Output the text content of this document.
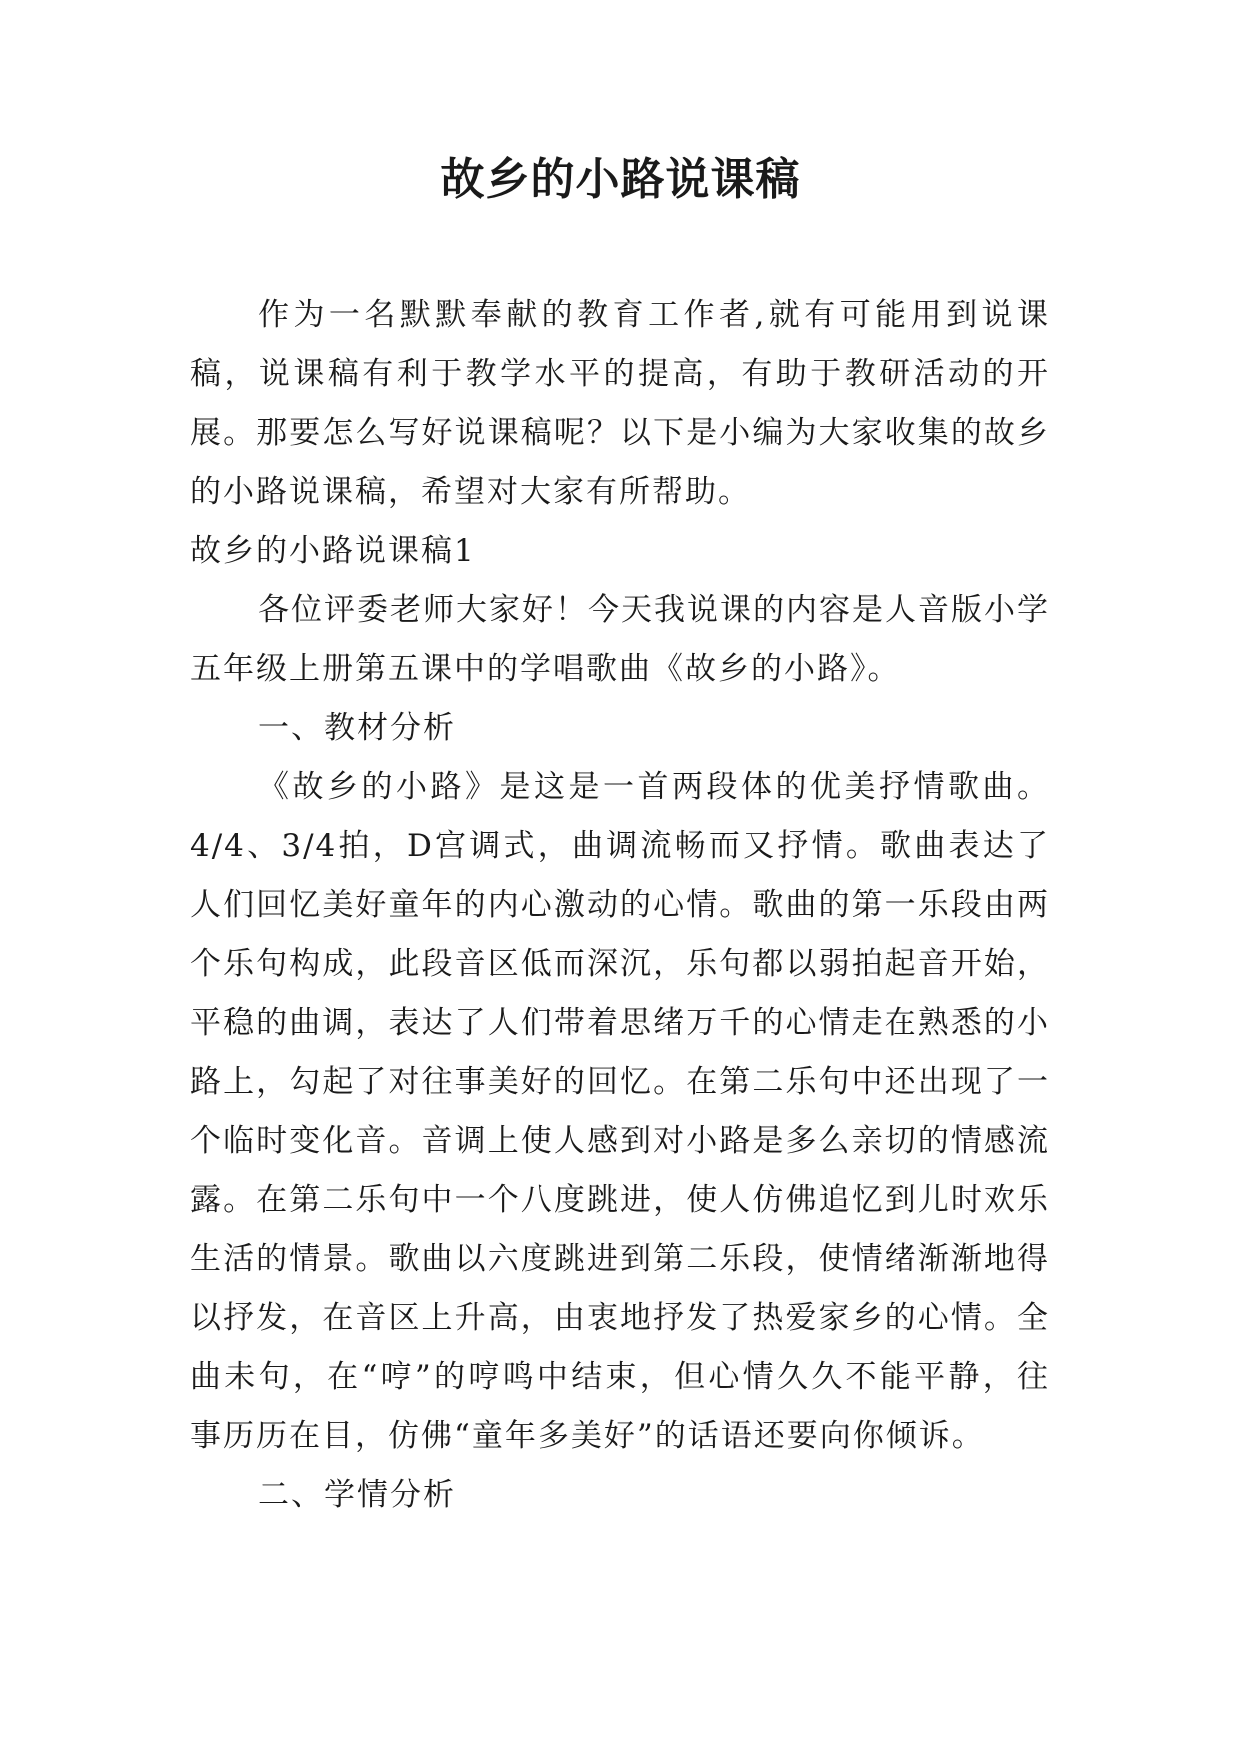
故乡的小路说课稿

作为一名默默奉献的教育工作者,就有可能用到说课稿，说课稿有利于教学水平的提高，有助于教研活动的开展。那要怎么写好说课稿呢？以下是小编为大家收集的故乡的小路说课稿，希望对大家有所帮助。

故乡的小路说课稿1

各位评委老师大家好！今天我说课的内容是人音版小学五年级上册第五课中的学唱歌曲《故乡的小路》。

一、教材分析

《故乡的小路》是这是一首两段体的优美抒情歌曲。4/4、3/4拍，D宫调式，曲调流畅而又抒情。歌曲表达了人们回忆美好童年的内心激动的心情。歌曲的第一乐段由两个乐句构成，此段音区低而深沉，乐句都以弱拍起音开始，平稳的曲调，表达了人们带着思绪万千的心情走在熟悉的小路上，勾起了对往事美好的回忆。在第二乐句中还出现了一个临时变化音。音调上使人感到对小路是多么亲切的情感流露。在第二乐句中一个八度跳进，使人仿佛追忆到儿时欢乐生活的情景。歌曲以六度跳进到第二乐段，使情绪渐渐地得以抒发，在音区上升高，由衷地抒发了热爱家乡的心情。全曲未句，在“哼”的哼鸣中结束，但心情久久不能平静，往事历历在目，仿佛“童年多美好”的话语还要向你倾诉。

二、学情分析
